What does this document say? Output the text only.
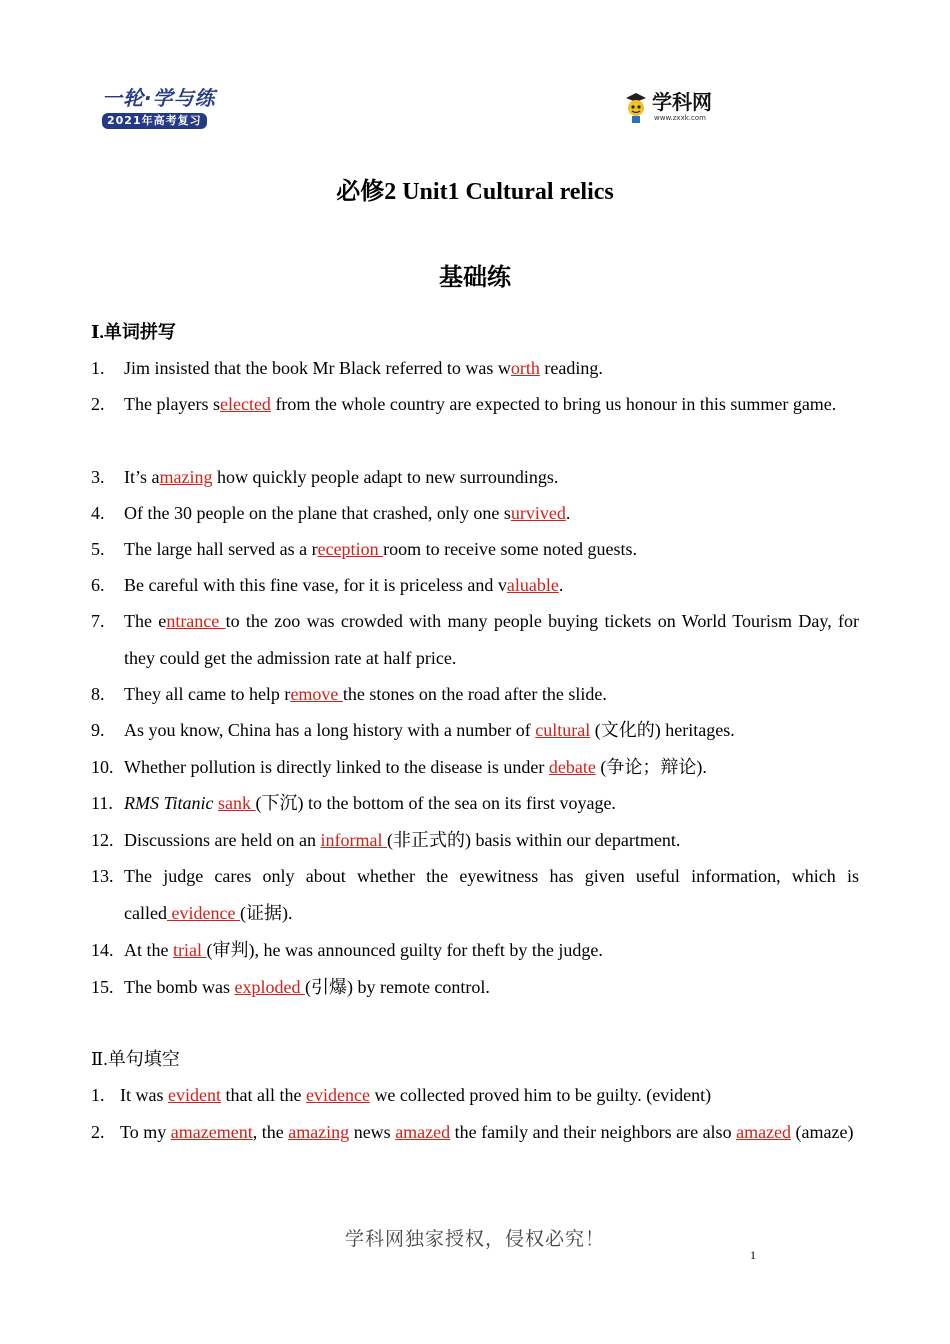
一轮·学与练
2021年高考复习
学科网
www.zxxk.com
必修2 Unit1 Cultural relics
基础练
Ⅰ.单词拼写
1. Jim insisted that the book Mr Black referred to was worth reading.
2. The players selected from the whole country are expected to bring us honour in this summer game.
3. It’s amazing how quickly people adapt to new surroundings.
4. Of the 30 people on the plane that crashed, only one survived.
5. The large hall served as a reception room to receive some noted guests.
6. Be careful with this fine vase, for it is priceless and valuable.
7. The entrance to the zoo was crowded with many people buying tickets on World Tourism Day, for they could get the admission rate at half price.
8. They all came to help remove the stones on the road after the slide.
9. As you know, China has a long history with a number of cultural (文化的) heritages.
10. Whether pollution is directly linked to the disease is under debate (争论；辩论).
11. RMS Titanic sank (下沉) to the bottom of the sea on its first voyage.
12. Discussions are held on an informal (非正式的) basis within our department.
13. The judge cares only about whether the eyewitness has given useful information, which is called evidence (证据).
14. At the trial (审判), he was announced guilty for theft by the judge.
15. The bomb was exploded (引爆) by remote control.
Ⅱ.单句填空
1. It was evident that all the evidence we collected proved him to be guilty. (evident)
2. To my amazement, the amazing news amazed the family and their neighbors are also amazed (amaze)
学科网独家授权，侵权必究！
1
